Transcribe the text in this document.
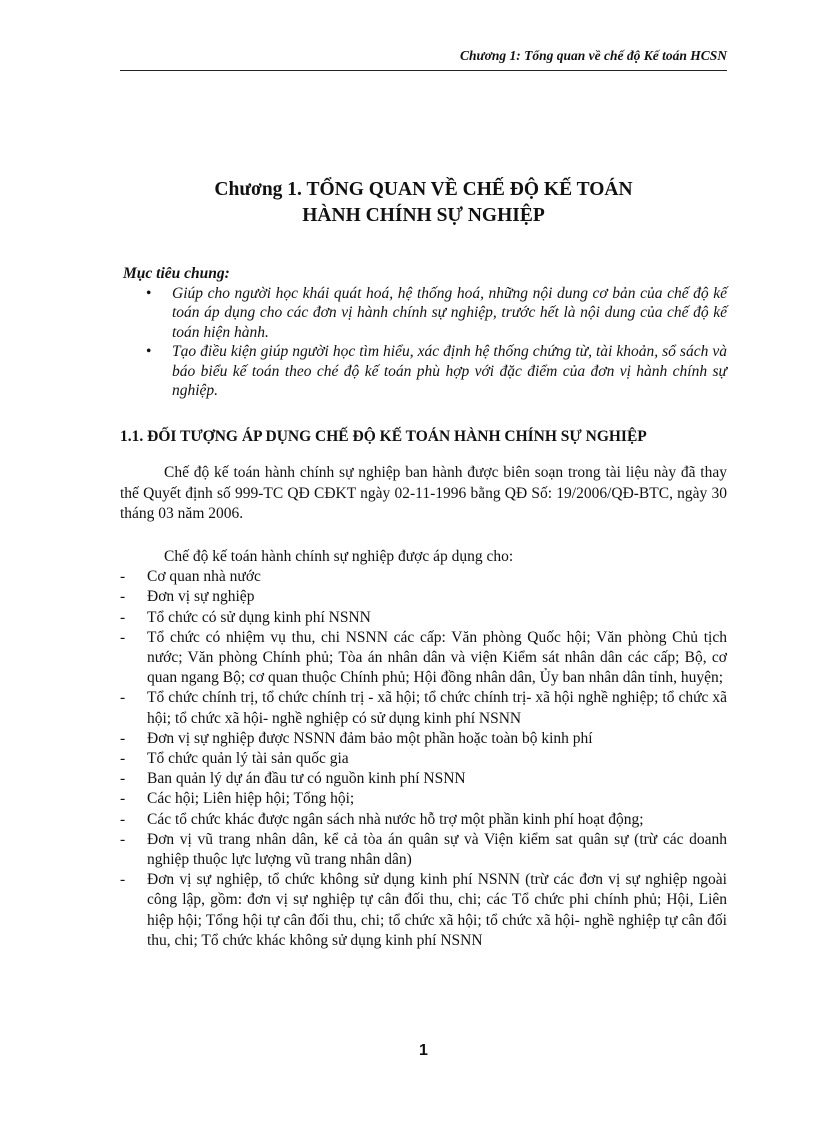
Chương 1: Tổng quan về chế độ Kế toán HCSN
Chương 1. TỔNG QUAN VỀ CHẾ ĐỘ KẾ TOÁN
HÀNH CHÍNH SỰ NGHIỆP
Mục tiêu chung:
• Giúp cho người học khái quát hoá, hệ thống hoá, những nội dung cơ bản của chế độ kế toán áp dụng cho các đơn vị hành chính sự nghiệp, trước hết là nội dung của chế độ kế toán hiện hành.
• Tạo điều kiện giúp người học tìm hiểu, xác định hệ thống chứng từ, tài khoản, sổ sách và báo biểu kế toán theo ché độ kế toán phù hợp với đặc điểm của đơn vị hành chính sự nghiệp.
1.1. ĐỐI TƯỢNG ÁP DỤNG CHẾ ĐỘ KẾ TOÁN HÀNH CHÍNH SỰ NGHIỆP
Chế độ kế toán hành chính sự nghiệp ban hành được biên soạn trong tài liệu này đã thay thế Quyết định số 999-TC QĐ CĐKT ngày 02-11-1996 bằng QĐ Số: 19/2006/QĐ-BTC, ngày 30 tháng 03 năm 2006.
Chế độ kế toán hành chính sự nghiệp được áp dụng cho:
- Cơ quan nhà nước
- Đơn vị sự nghiệp
- Tổ chức có sử dụng kinh phí NSNN
- Tổ chức có nhiệm vụ thu, chi NSNN các cấp: Văn phòng Quốc hội; Văn phòng Chủ tịch nước; Văn phòng Chính phủ; Tòa án nhân dân và viện Kiểm sát nhân dân các cấp; Bộ, cơ quan ngang Bộ; cơ quan thuộc Chính phủ; Hội đồng nhân dân, Ủy ban nhân dân tỉnh, huyện;
- Tổ chức chính trị, tổ chức chính trị - xã hội; tổ chức chính trị- xã hội nghề nghiệp; tổ chức xã hội; tổ chức xã hội- nghề nghiệp có sử dụng kinh phí NSNN
- Đơn vị sự nghiệp được NSNN đảm bảo một phần hoặc toàn bộ kinh phí
- Tổ chức quản lý tài sản quốc gia
- Ban quản lý dự án đầu tư có nguồn kinh phí NSNN
- Các hội; Liên hiệp hội; Tổng hội;
- Các tổ chức khác được ngân sách nhà nước hỗ trợ một phần kinh phí hoạt động;
- Đơn vị vũ trang nhân dân, kể cả tòa án quân sự và Viện kiểm sat quân sự (trừ các doanh nghiệp thuộc lực lượng vũ trang nhân dân)
- Đơn vị sự nghiệp, tổ chức không sử dụng kinh phí NSNN (trừ các đơn vị sự nghiệp ngoài công lập, gồm: đơn vị sự nghiệp tự cân đối thu, chi; các Tổ chức phi chính phủ; Hội, Liên hiệp hội; Tổng hội tự cân đối thu, chi; tổ chức xã hội; tổ chức xã hội- nghề nghiệp tự cân đối thu, chi; Tổ chức khác không sử dụng kinh phí NSNN
1
